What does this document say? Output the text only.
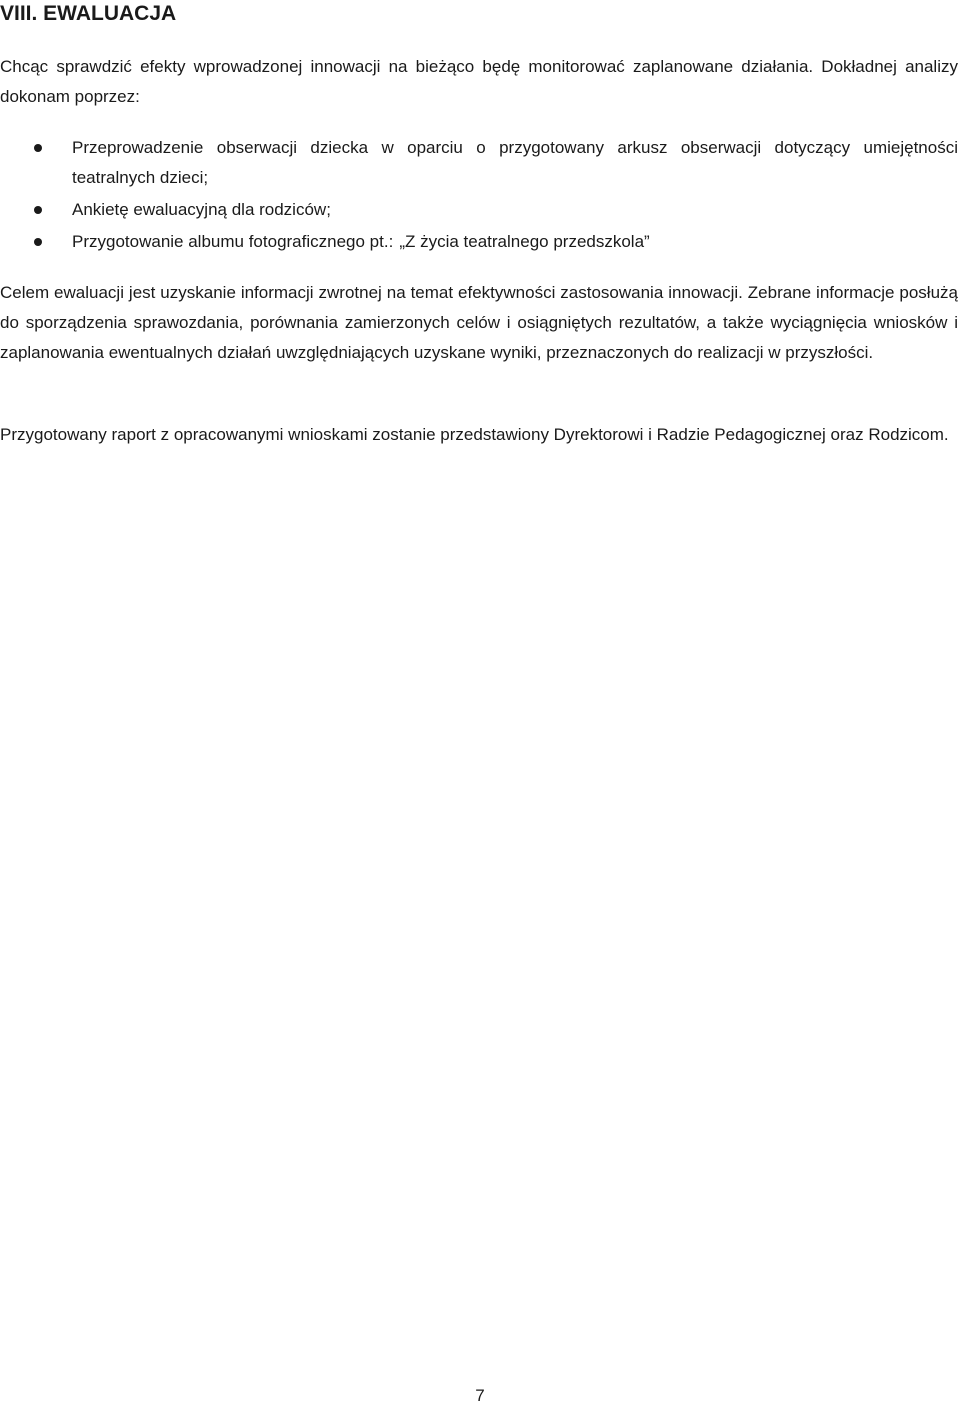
VIII. EWALUACJA

Chcąc sprawdzić efekty wprowadzonej innowacji na bieżąco będę monitorować zaplanowane działania. Dokładnej analizy dokonam poprzez:

Przeprowadzenie obserwacji dziecka w oparciu o przygotowany arkusz obserwacji dotyczący umiejętności teatralnych dzieci;
Ankietę ewaluacyjną dla rodziców;
Przygotowanie albumu fotograficznego pt.: „Z życia teatralnego przedszkola”

Celem ewaluacji jest uzyskanie informacji zwrotnej na temat efektywności zastosowania innowacji. Zebrane informacje posłużą do sporządzenia sprawozdania, porównania zamierzonych celów i osiągniętych rezultatów, a także wyciągnięcia wniosków i zaplanowania ewentualnych działań uwzględniających uzyskane wyniki, przeznaczonych do realizacji w przyszłości.

Przygotowany raport z opracowanymi wnioskami zostanie przedstawiony Dyrektorowi i Radzie Pedagogicznej oraz Rodzicom.

7
